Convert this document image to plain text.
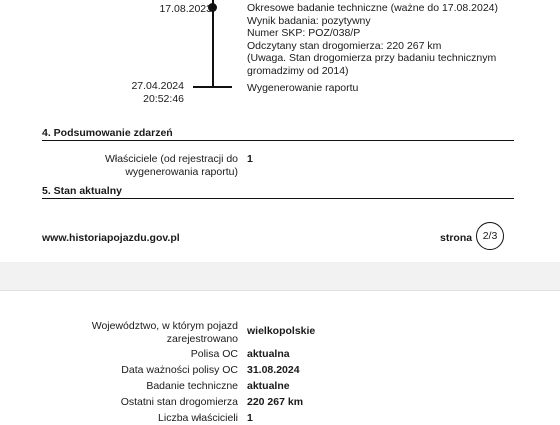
17.08.2023	Okresowe badanie techniczne (ważne do 17.08.2024)
Wynik badania: pozytywny
Numer SKP: POZ/038/P
Odczytany stan drogomierza: 220 267 km
(Uwaga. Stan drogomierza przy badaniu technicznym
gromadzimy od 2014)
27.04.2024
20:52:46
Wygenerowanie raportu
4. Podsumowanie zdarzeń
Właściciele (od rejestracji do
wygenerowania raportu)
1
5. Stan aktualny
www.historiapojazdu.gov.pl	strona 2/3
Województwo, w którym pojazd
zarejestrowano
wielkopolskie
Polisa OC aktualna
Data ważności polisy OC 31.08.2024
Badanie techniczne aktualne
Ostatni stan drogomierza 220 267 km
Liczba właścicieli 1
